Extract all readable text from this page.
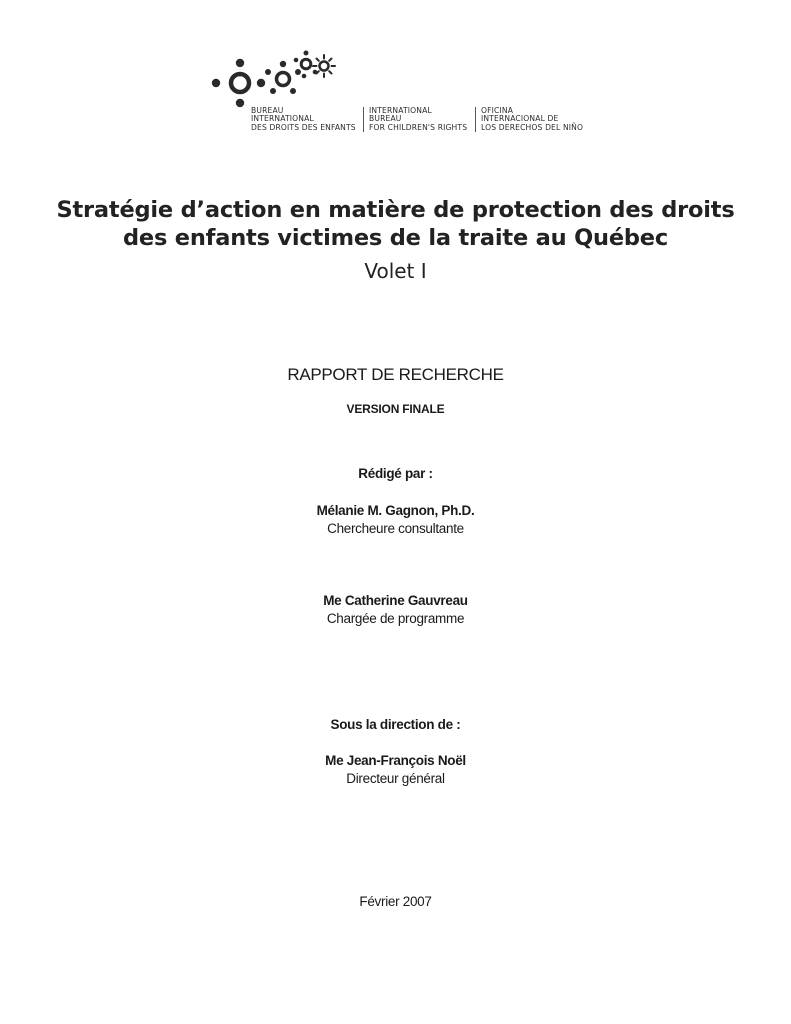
BUREAU
INTERNATIONAL
DES DROITS DES ENFANTS
INTERNATIONAL
BUREAU
FOR CHILDREN'S RIGHTS
OFICINA
INTERNACIONAL DE
LOS DERECHOS DEL NIÑO
Stratégie d’action en matière de protection des droits
des enfants victimes de la traite au Québec
Volet I
RAPPORT DE RECHERCHE
VERSION FINALE
Rédigé par :
Mélanie M. Gagnon, Ph.D.
Chercheure consultante
Me Catherine Gauvreau
Chargée de programme
Sous la direction de :
Me Jean-François Noël
Directeur général
Février 2007
